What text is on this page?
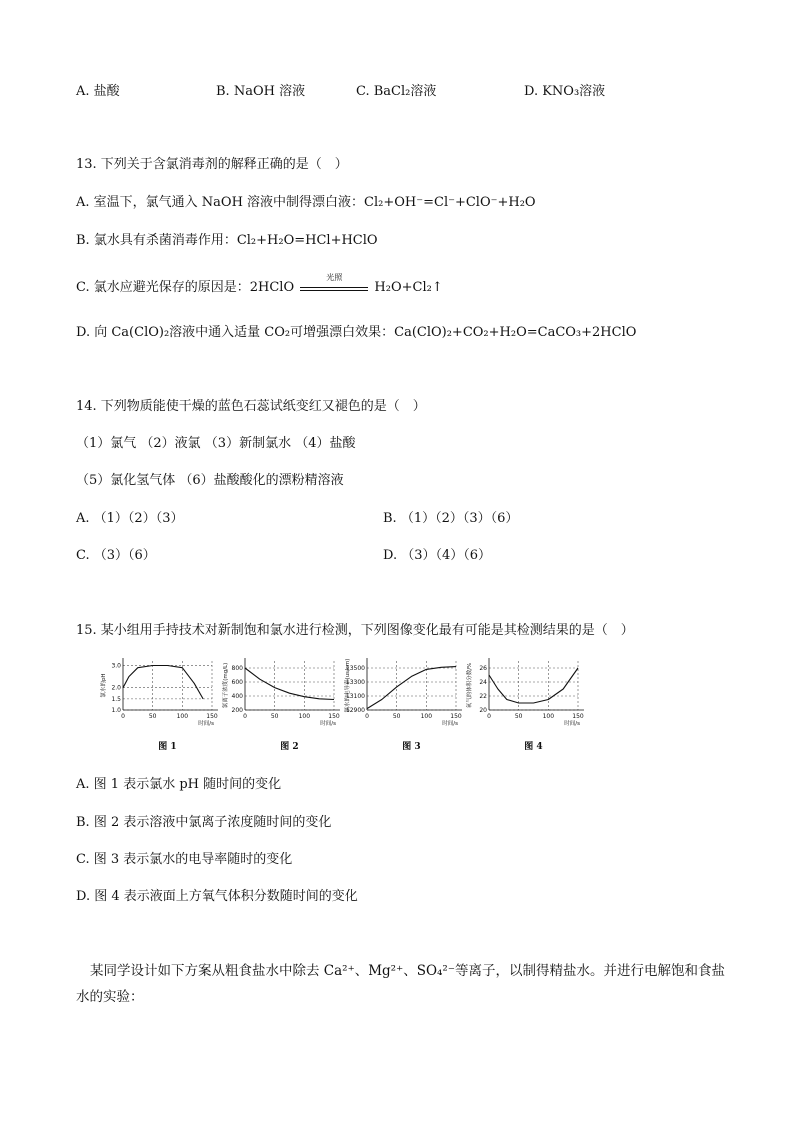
A. 盐酸	B. NaOH 溶液	C. BaCl₂溶液	D. KNO₃溶液
13. 下列关于含氯消毒剂的解释正确的是（　）
A. 室温下，氯气通入 NaOH 溶液中制得漂白液：Cl₂+OH⁻=Cl⁻+ClO⁻+H₂O
B. 氯水具有杀菌消毒作用：Cl₂+H₂O=HCl+HClO
C. 氯水应避光保存的原因是：2HClO
光照
H₂O+Cl₂↑
D. 向 Ca(ClO)₂溶液中通入适量 CO₂可增强漂白效果：Ca(ClO)₂+CO₂+H₂O=CaCO₃+2HClO
14. 下列物质能使干燥的蓝色石蕊试纸变红又褪色的是（　）
（1）氯气 （2）液氯 （3）新制氯水 （4）盐酸
（5）氯化氢气体 （6）盐酸酸化的漂粉精溶液
A. （1）（2）（3）	B. （1）（2）（3）（6）
C. （3）（6）	D. （3）（4）（6）
15. 某小组用手持技术对新制饱和氯水进行检测，下列图像变化最有可能是其检测结果的是（　）
氯水的pH
1.0
1.5
2.0
3.0
0	50	100	150
时间/s
图 1
氯离子浓度(mg/L)
200
400
600
800
0	50	100	150
时间/s
图 2
氯水的电导率(us/cm)
12900
13100
13300
13500
0	50	100	150
时间/s
图 3
氧气的体积分数/%
20
22
24
26
0	50	100	150
时间/s
图 4
A. 图 1 表示氯水 pH 随时间的变化
B. 图 2 表示溶液中氯离子浓度随时间的变化
C. 图 3 表示氯水的电导率随时的变化
D. 图 4 表示液面上方氧气体积分数随时间的变化
某同学设计如下方案从粗食盐水中除去 Ca²⁺、Mg²⁺、SO₄²⁻等离子，以制得精盐水。并进行电解饱和食盐
水的实验：
